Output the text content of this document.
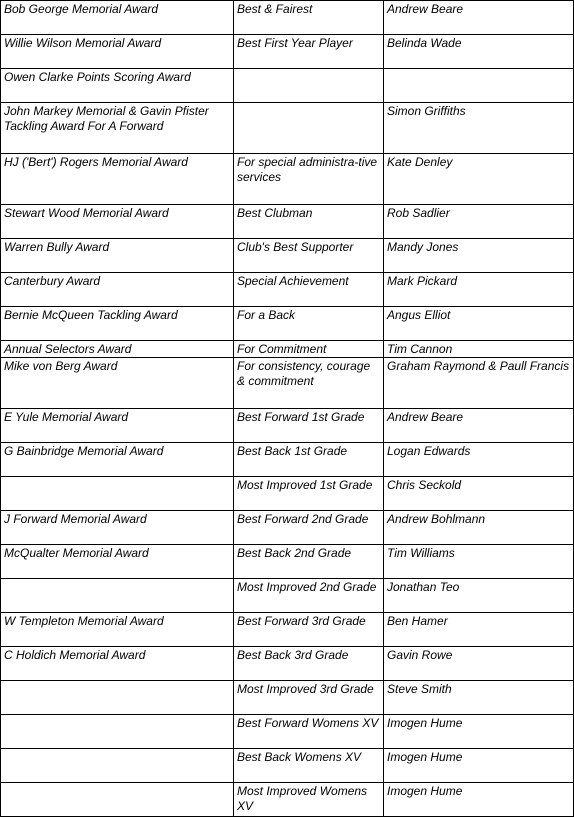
Bob George Memorial Award	Best & Fairest	Andrew Beare
Willie Wilson Memorial Award	Best First Year Player	Belinda Wade
Owen Clarke Points Scoring Award		
John Markey Memorial & Gavin Pfister Tackling Award For A Forward		Simon Griffiths
HJ ('Bert') Rogers Memorial Award	For special administra-tive services	Kate Denley
Stewart Wood Memorial Award	Best Clubman	Rob Sadlier
Warren Bully Award	Club's Best Supporter	Mandy Jones
Canterbury Award	Special Achievement	Mark Pickard
Bernie McQueen Tackling Award	For a Back	Angus Elliot
Annual Selectors Award	For Commitment	Tim Cannon
Mike von Berg Award	For consistency, courage & commitment	Graham Raymond & Paull Francis
E Yule Memorial Award	Best Forward 1st Grade	Andrew Beare
G Bainbridge Memorial Award	Best Back 1st Grade	Logan Edwards
	Most Improved 1st Grade	Chris Seckold
J Forward Memorial Award	Best Forward 2nd Grade	Andrew Bohlmann
McQualter Memorial Award	Best Back 2nd Grade	Tim Williams
	Most Improved 2nd Grade	Jonathan Teo
W Templeton Memorial Award	Best Forward 3rd Grade	Ben Hamer
C Holdich Memorial Award	Best Back 3rd Grade	Gavin Rowe
	Most Improved 3rd Grade	Steve Smith
	Best Forward Womens XV	Imogen Hume
	Best Back Womens XV	Imogen Hume
	Most Improved Womens XV	Imogen Hume
